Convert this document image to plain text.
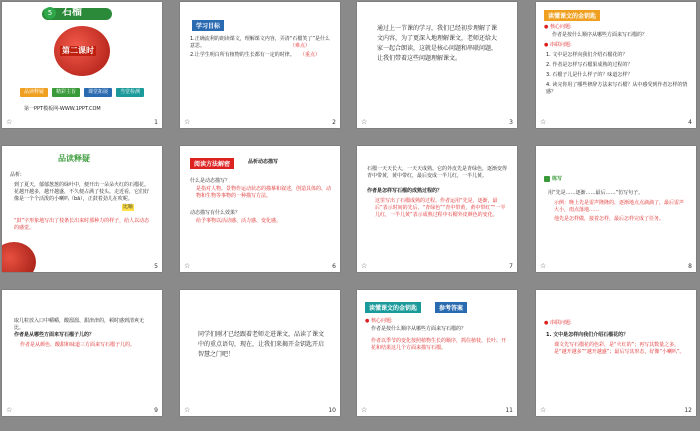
5 石榴
第二课时
品读释疑	精彩主旨	课堂拓展	当堂检测
第一PPT模板网-WWW.1PPT.COM
☆	1
学习目标
1.正确流利的朗读课文，理解课文内容，弄清“石榴笑了”是什么意思。	（难点）
2.让学生明白所有植物的生长都有一定的时律。	（重点）
☆	2
通过上一节课的学习，我们已经初步理解了课文内容，为了更深入地理解课文，老师还给大家一起合朗读，这就是核心问题和串联问题，让我们带着这些问题理解课文。
☆	3
读懂课文的金钥匙
● 核心问题:
作者是按什么顺序从哪些方面来写石榴的？
● 串联问题:
1. 文中是怎样向我们介绍石榴花的？
2. 作者是怎样写石榴果成熟的过程的？
3. 石榴子儿是什么样子的？味道怎样？
4. 读完你用了哪些修辞方法来写石榴？从中感受到作者怎样的情感？
☆	4
品读释疑
品析:
到了夏天，郁郁葱葱的绿叶中，便开出一朵朵火红的石榴花。花越开越多，越开越盛，不久便占满了枝头。走近看，它们好像是一个个活泼的小喇叭（bā），正鼓着劲儿在吹呢。
比喻
“鼓”字形象地写出了枝条长出来时那种力的样子，给人以动态的感觉。
5
阅读方法解密	品析动态描写
什么是动态描写？
是指对人物、景物作运动状态的描摹和叙述，创造具体的、动物和生物等事物的一种描写方法。
动态描写有什么效果？
给予事物以活动感、活力感、变化感。
☆	6
石榴一天天长大，一天天成熟。它的外皮先是青绿色，逐渐变得青中带黄，黄中带红，最后变成一半儿红，一半儿黄。
作者是怎样写石榴的成熟过程的？
这里写出了石榴成熟的过程。作者运用“先是，逐渐，最后”表示时间的先后，“青绿色”“青中带黄，黄中带红”“一半儿红，一半儿黄”表示成熟过程中石榴外皮颜色的变化。
☆	7
练写
用“先是……逐渐……最后……”仿写句子。
示例：晚上先是雷声隆隆的，逐渐地点点滴滴了，最后雷声大小，雨点落地……
他先是怎样做，接着怎样，最后怎样完成了任务。
☆	8
取几粒放入口中嚼嚼，酸溜溜、甜津津的，顿时感到清爽无比。
作者是从哪些方面来写石榴子儿的？
作者是从颜色、酸甜和味道三方面来写石榴子儿的。
☆	9
同学们刚才已经跟着老师走进课文，品读了课文中的重点语句，现在，让我们来揭开金钥匙开启智慧之门吧！
☆	10
读懂课文的金钥匙	参考答案
● 核心问题:
作者是按什么顺序从哪些方面来写石榴的？
作者以季节的变化按照植物生长的顺序，抓住植枝、长叶、开花和结果这几个方面来描写石榴。
☆	11
● 串联问题:
1. 文中是怎样向我们介绍石榴花的？
课文先写石榴花的色彩，是“火红的”；再写其数量之多，是“越开越多”“越开越盛”；最后写其形态，好像“小喇叭”。
☆	12
